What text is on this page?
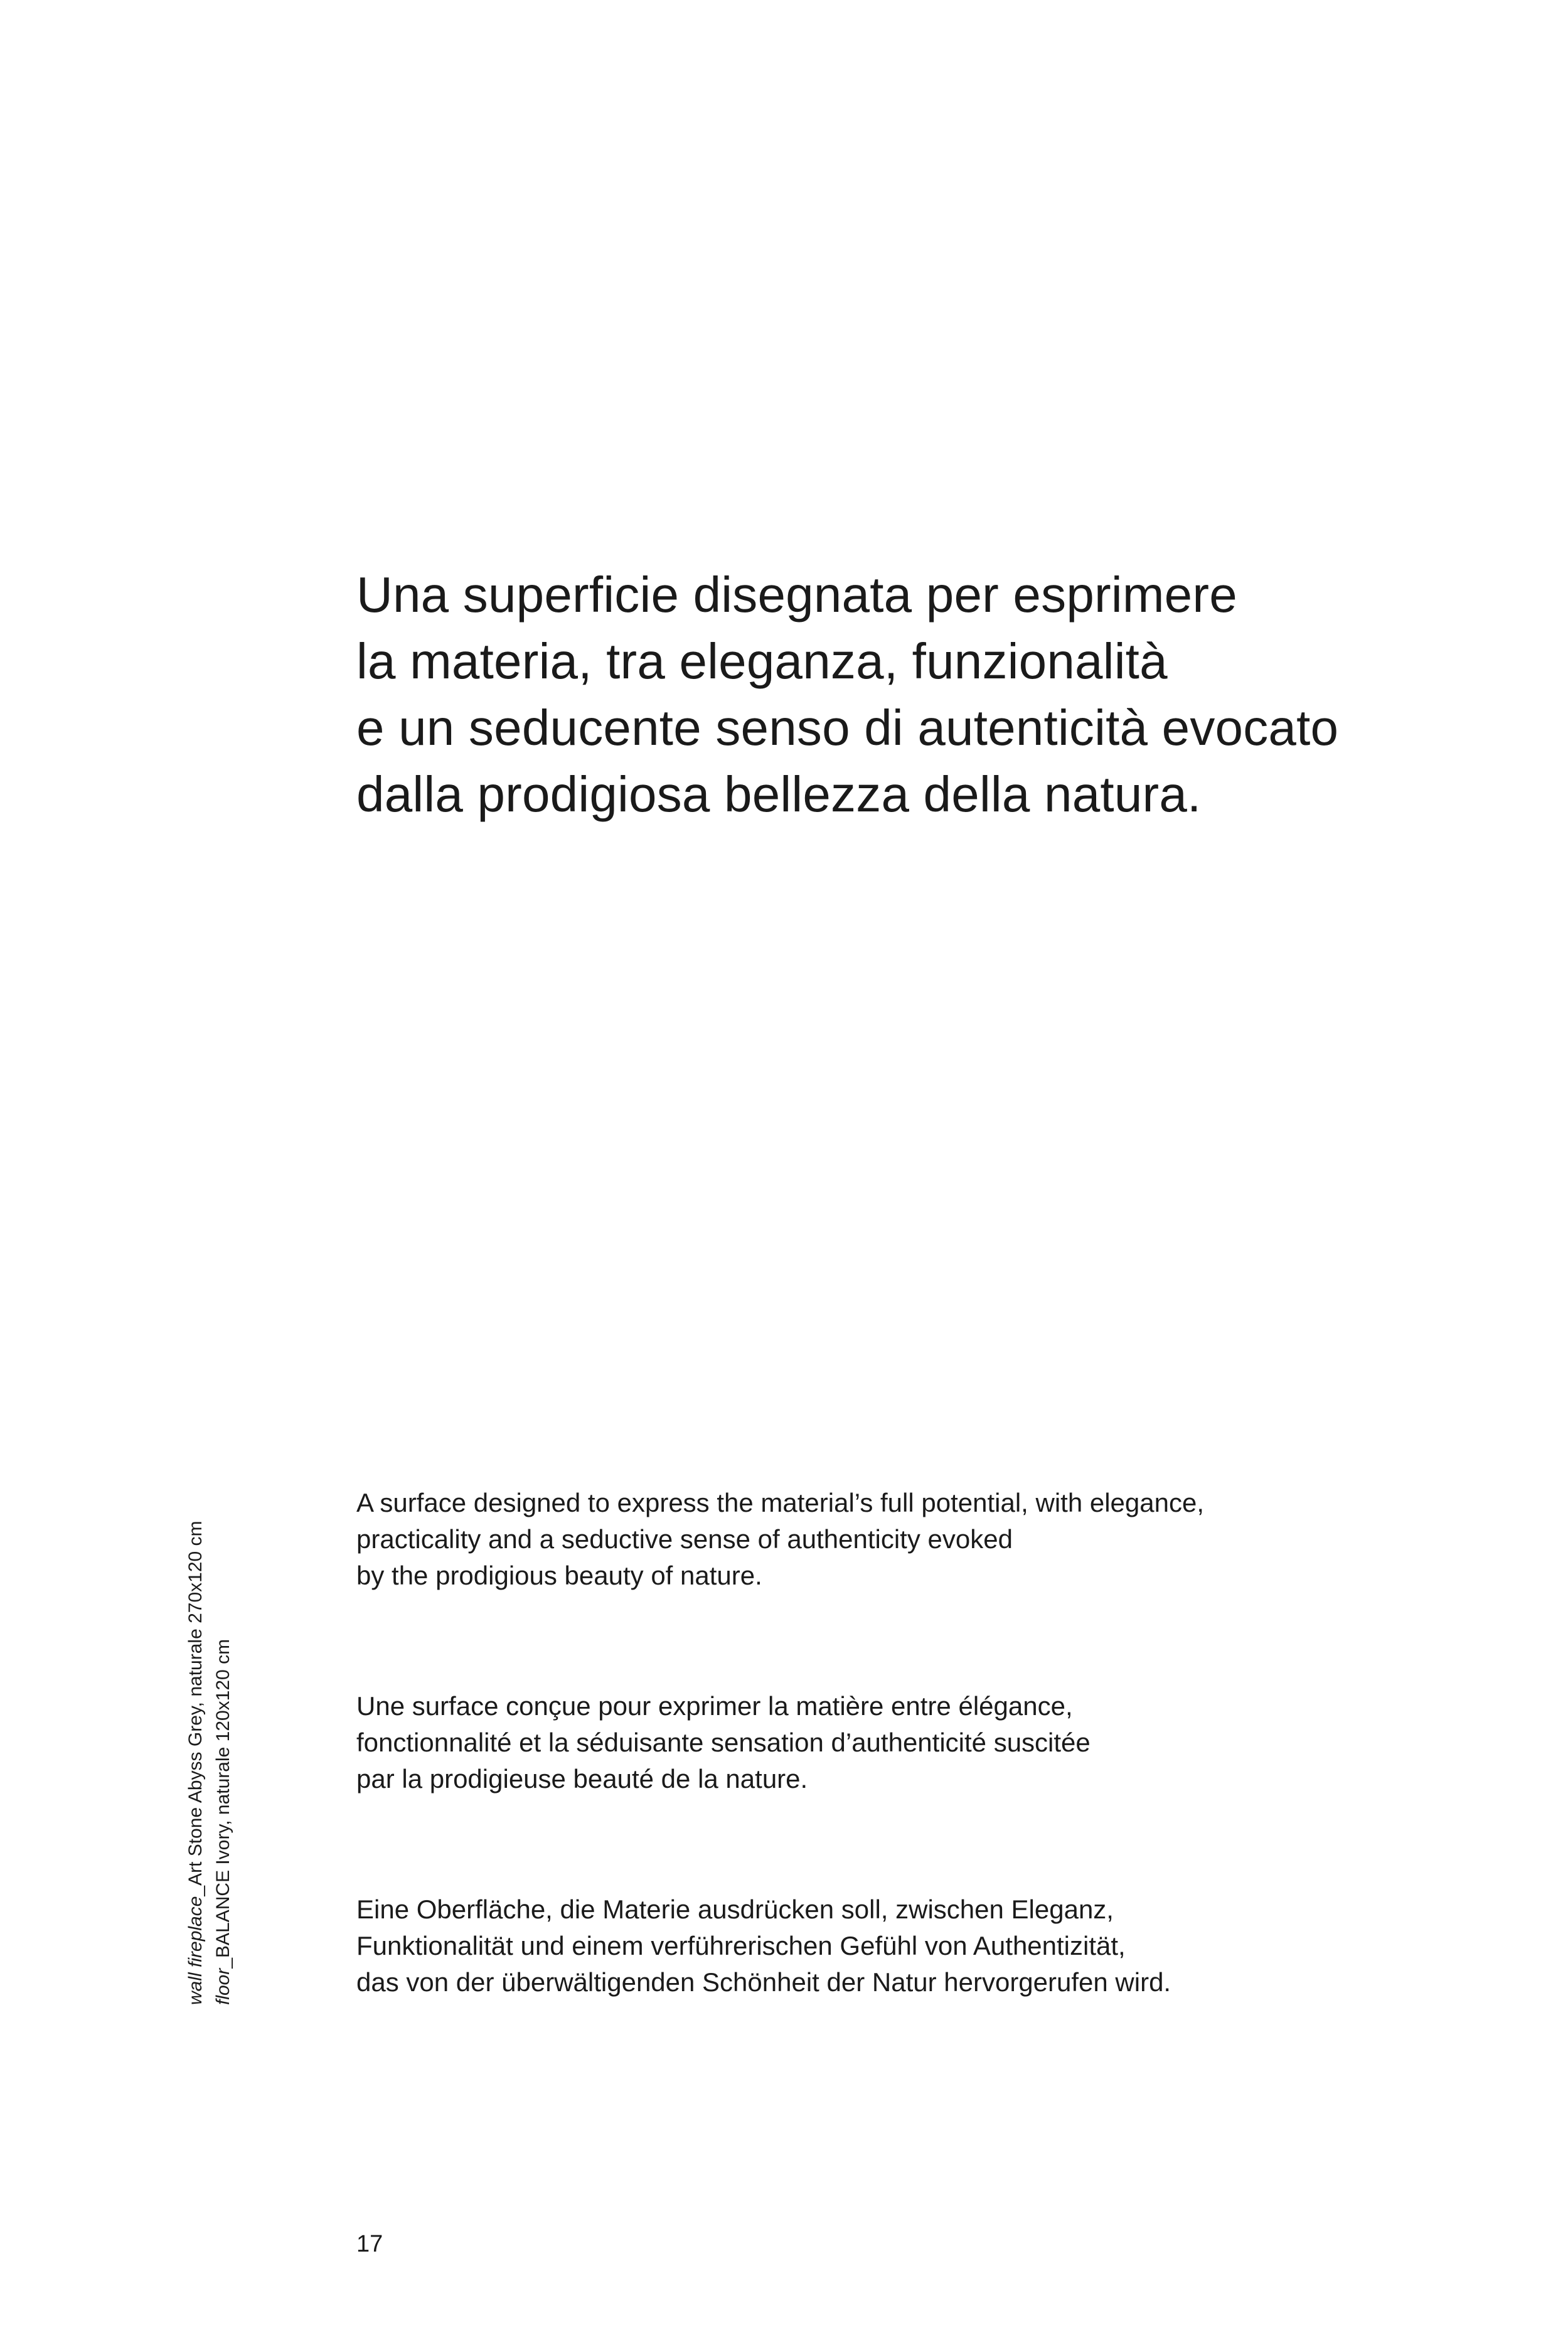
Una superficie disegnata per esprimere
la materia, tra eleganza, funzionalità
e un seducente senso di autenticità evocato
dalla prodigiosa bellezza della natura.
A surface designed to express the material’s full potential, with elegance,
practicality and a seductive sense of authenticity evoked
by the prodigious beauty of nature.
Une surface conçue pour exprimer la matière entre élégance,
fonctionnalité et la séduisante sensation d’authenticité suscitée
par la prodigieuse beauté de la nature.
Eine Oberfläche, die Materie ausdrücken soll, zwischen Eleganz,
Funktionalität und einem verführerischen Gefühl von Authentizität,
das von der überwältigenden Schönheit der Natur hervorgerufen wird.
wall fireplace_Art Stone Abyss Grey, naturale 270x120 cm
floor_BALANCE Ivory, naturale 120x120 cm
17
